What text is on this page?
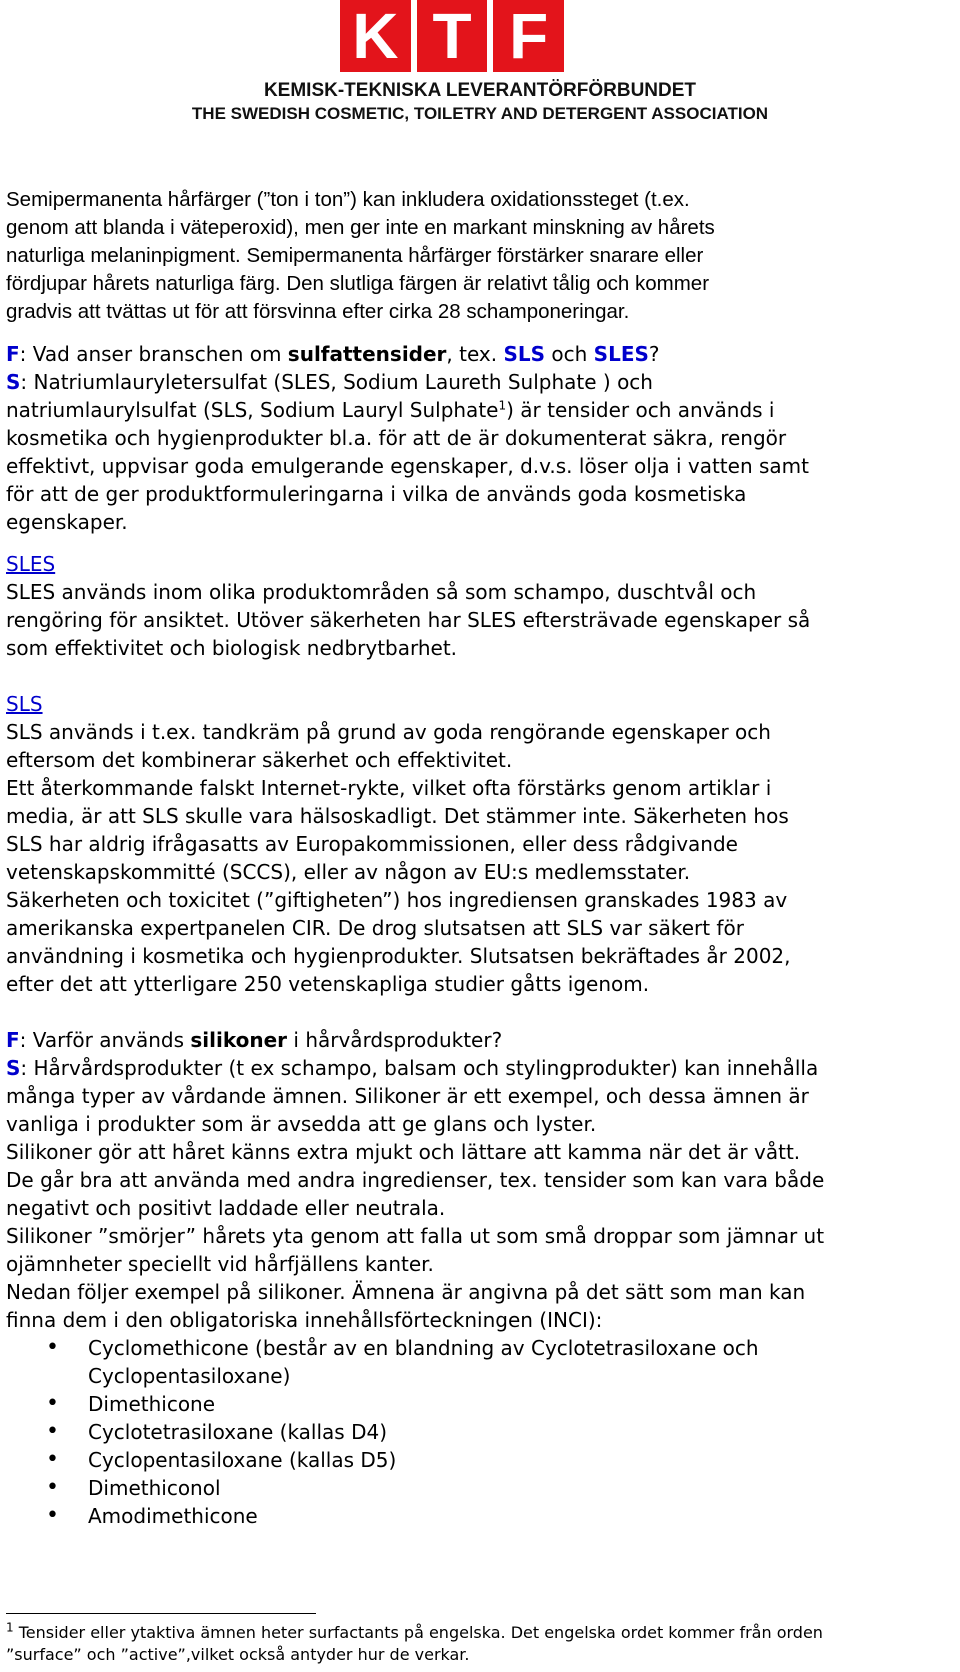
K T F
KEMISK-TEKNISKA LEVERANTÖRFÖRBUNDET
THE SWEDISH COSMETIC, TOILETRY AND DETERGENT ASSOCIATION

Semipermanenta hårfärger (”ton i ton”) kan inkludera oxidationssteget (t.ex.

genom att blanda i väteperoxid), men ger inte en markant minskning av hårets

naturliga melaninpigment. Semipermanenta hårfärger förstärker snarare eller

fördjupar hårets naturliga färg. Den slutliga färgen är relativt tålig och kommer

gradvis att tvättas ut för att försvinna efter cirka 28 schamponeringar.

F: Vad anser branschen om sulfattensider, tex. SLS och SLES?

S: Natriumlauryletersulfat (SLES, Sodium Laureth Sulphate ) och

natriumlaurylsulfat (SLS, Sodium Lauryl Sulphate$^1$) är tensider och används i

kosmetika och hygienprodukter bl.a. för att de är dokumenterat säkra, rengör

effektivt, uppvisar goda emulgerande egenskaper, d.v.s. löser olja i vatten samt

för att de ger produktformuleringarna i vilka de används goda kosmetiska

egenskaper.

SLES

SLES används inom olika produktområden så som schampo, duschtvål och

rengöring för ansiktet. Utöver säkerheten har SLES eftersträvade egenskaper så

som effektivitet och biologisk nedbrytbarhet.

SLS

SLS används i t.ex. tandkräm på grund av goda rengörande egenskaper och

eftersom det kombinerar säkerhet och effektivitet.

Ett återkommande falskt Internet-rykte, vilket ofta förstärks genom artiklar i

media, är att SLS skulle vara hälsoskadligt. Det stämmer inte. Säkerheten hos

SLS har aldrig ifrågasatts av Europakommissionen, eller dess rådgivande

vetenskapskommitté (SCCS), eller av någon av EU:s medlemsstater.

Säkerheten och toxicitet (”giftigheten”) hos ingrediensen granskades 1983 av

amerikanska expertpanelen CIR. De drog slutsatsen att SLS var säkert för

användning i kosmetika och hygienprodukter. Slutsatsen bekräftades år 2002,

efter det att ytterligare 250 vetenskapliga studier gåtts igenom.

F: Varför används silikoner i hårvårdsprodukter?

S: Hårvårdsprodukter (t ex schampo, balsam och stylingprodukter) kan innehålla

många typer av vårdande ämnen. Silikoner är ett exempel, och dessa ämnen är

vanliga i produkter som är avsedda att ge glans och lyster.

Silikoner gör att håret känns extra mjukt och lättare att kamma när det är vått.

De går bra att använda med andra ingredienser, tex. tensider som kan vara både

negativt och positivt laddade eller neutrala.

Silikoner ”smörjer” hårets yta genom att falla ut som små droppar som jämnar ut

ojämnheter speciellt vid hårfjällens kanter.

Nedan följer exempel på silikoner. Ämnena är angivna på det sätt som man kan

finna dem i den obligatoriska innehållsförteckningen (INCI):

• Cyclomethicone (består av en blandning av Cyclotetrasiloxane och
Cyclopentasiloxane)
• Dimethicone
• Cyclotetrasiloxane (kallas D4)
• Cyclopentasiloxane (kallas D5)
• Dimethiconol
• Amodimethicone
$^1$ Tensider eller ytaktiva ämnen heter surfactants på engelska. Det engelska ordet kommer från orden
”surface” och ”active”,vilket också antyder hur de verkar.
